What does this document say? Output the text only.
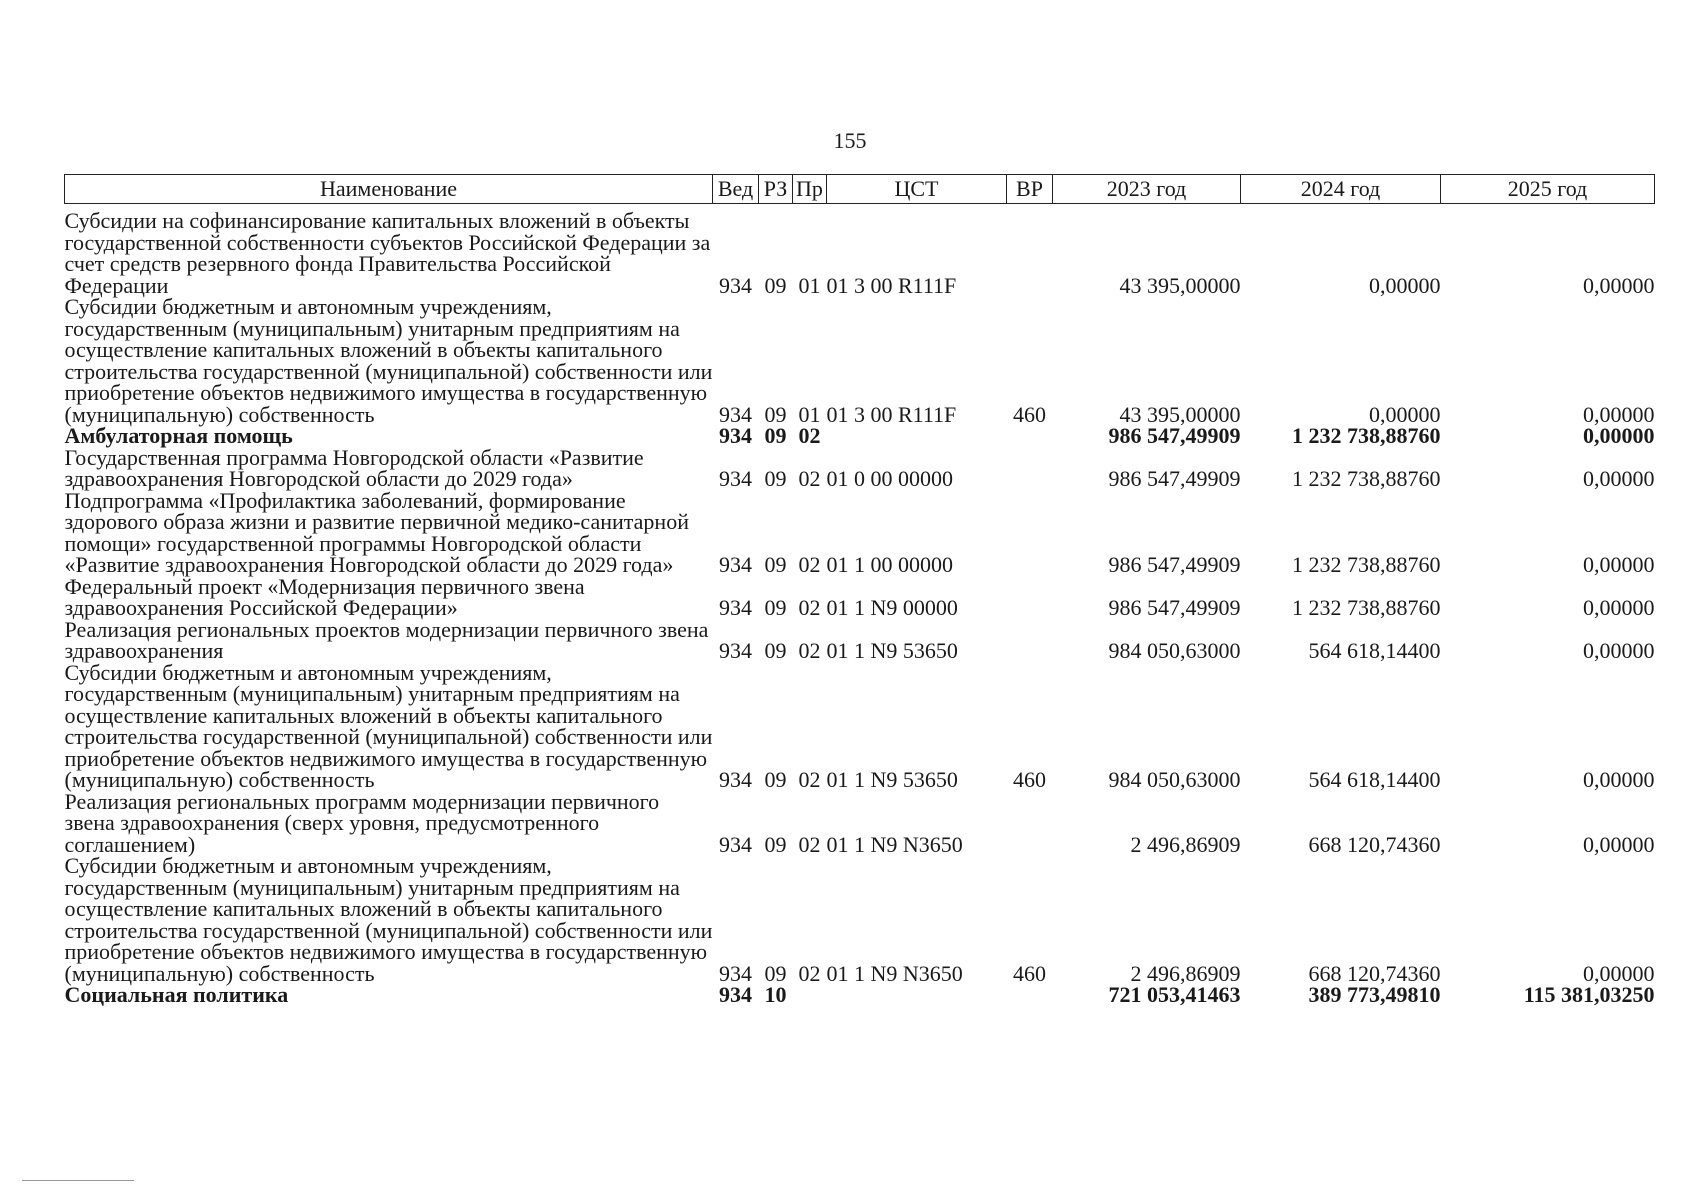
155
Наименование	Вед	РЗ	Пр	ЦСТ	ВР	2023 год	2024 год	2025 год
Субсидии на софинансирование капитальных вложений в объекты государственной собственности субъектов Российской Федерации за счет средств резервного фонда Правительства Российской Федерации	934	09	01	01 3 00 R111F		43 395,00000	0,00000	0,00000
Субсидии бюджетным и автономным учреждениям, государственным (муниципальным) унитарным предприятиям на осуществление капитальных вложений в объекты капитального строительства государственной (муниципальной) собственности или приобретение объектов недвижимого имущества в государственную (муниципальную) собственность	934	09	01	01 3 00 R111F	460	43 395,00000	0,00000	0,00000
Амбулаторная помощь	934	09	02			986 547,49909	1 232 738,88760	0,00000
Государственная программа Новгородской области «Развитие здравоохранения Новгородской области до 2029 года»	934	09	02	01 0 00 00000		986 547,49909	1 232 738,88760	0,00000
Подпрограмма «Профилактика заболеваний, формирование здорового образа жизни и развитие первичной медико-санитарной помощи» государственной программы Новгородской области «Развитие здравоохранения Новгородской области до 2029 года»	934	09	02	01 1 00 00000		986 547,49909	1 232 738,88760	0,00000
Федеральный проект «Модернизация первичного звена здравоохранения Российской Федерации»	934	09	02	01 1 N9 00000		986 547,49909	1 232 738,88760	0,00000
Реализация региональных проектов модернизации первичного звена здравоохранения	934	09	02	01 1 N9 53650		984 050,63000	564 618,14400	0,00000
Субсидии бюджетным и автономным учреждениям, государственным (муниципальным) унитарным предприятиям на осуществление капитальных вложений в объекты капитального строительства государственной (муниципальной) собственности или приобретение объектов недвижимого имущества в государственную (муниципальную) собственность	934	09	02	01 1 N9 53650	460	984 050,63000	564 618,14400	0,00000
Реализация региональных программ модернизации первичного звена здравоохранения (сверх уровня, предусмотренного соглашением)	934	09	02	01 1 N9 N3650		2 496,86909	668 120,74360	0,00000
Субсидии бюджетным и автономным учреждениям, государственным (муниципальным) унитарным предприятиям на осуществление капитальных вложений в объекты капитального строительства государственной (муниципальной) собственности или приобретение объектов недвижимого имущества в государственную (муниципальную) собственность	934	09	02	01 1 N9 N3650	460	2 496,86909	668 120,74360	0,00000
Социальная политика	934	10				721 053,41463	389 773,49810	115 381,03250
